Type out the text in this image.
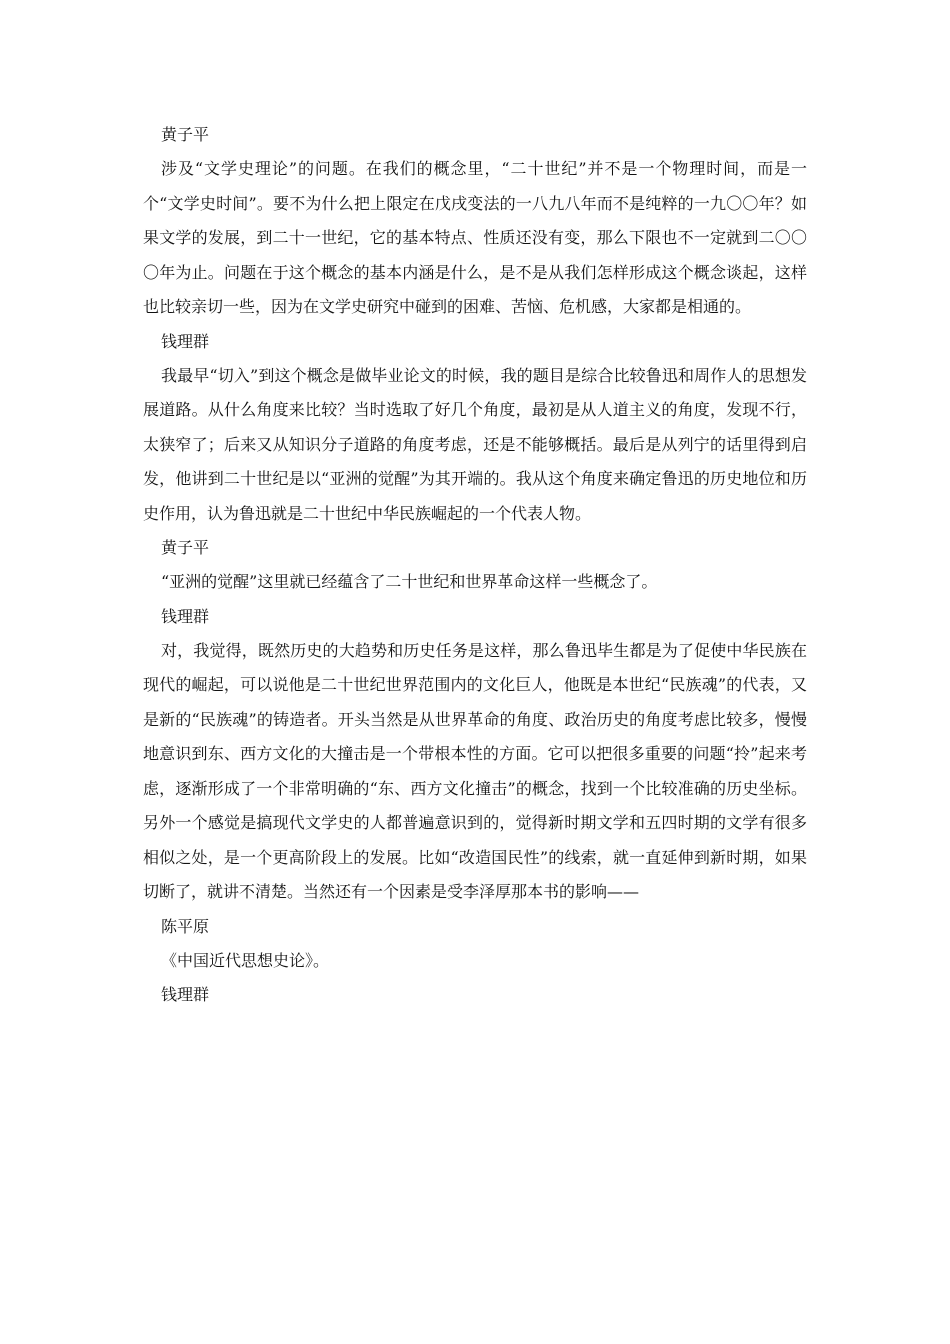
黄子平

涉及“文学史理论”的问题。在我们的概念里，“二十世纪”并不是一个物理时间，而是一个“文学史时间”。要不为什么把上限定在戊戌变法的一八九八年而不是纯粹的一九〇〇年？如果文学的发展，到二十一世纪，它的基本特点、性质还没有变，那么下限也不一定就到二〇〇〇年为止。问题在于这个概念的基本内涵是什么，是不是从我们怎样形成这个概念谈起，这样也比较亲切一些，因为在文学史研究中碰到的困难、苦恼、危机感，大家都是相通的。

钱理群

我最早“切入”到这个概念是做毕业论文的时候，我的题目是综合比较鲁迅和周作人的思想发展道路。从什么角度来比较？当时选取了好几个角度，最初是从人道主义的角度，发现不行，太狭窄了；后来又从知识分子道路的角度考虑，还是不能够概括。最后是从列宁的话里得到启发，他讲到二十世纪是以“亚洲的觉醒”为其开端的。我从这个角度来确定鲁迅的历史地位和历史作用，认为鲁迅就是二十世纪中华民族崛起的一个代表人物。

黄子平

“亚洲的觉醒”这里就已经蕴含了二十世纪和世界革命这样一些概念了。

钱理群

对，我觉得，既然历史的大趋势和历史任务是这样，那么鲁迅毕生都是为了促使中华民族在现代的崛起，可以说他是二十世纪世界范围内的文化巨人，他既是本世纪“民族魂”的代表，又是新的“民族魂”的铸造者。开头当然是从世界革命的角度、政治历史的角度考虑比较多，慢慢地意识到东、西方文化的大撞击是一个带根本性的方面。它可以把很多重要的问题“拎”起来考虑，逐渐形成了一个非常明确的“东、西方文化撞击”的概念，找到一个比较准确的历史坐标。另外一个感觉是搞现代文学史的人都普遍意识到的，觉得新时期文学和五四时期的文学有很多相似之处，是一个更高阶段上的发展。比如“改造国民性”的线索，就一直延伸到新时期，如果切断了，就讲不清楚。当然还有一个因素是受李泽厚那本书的影响——

陈平原

《中国近代思想史论》。

钱理群
